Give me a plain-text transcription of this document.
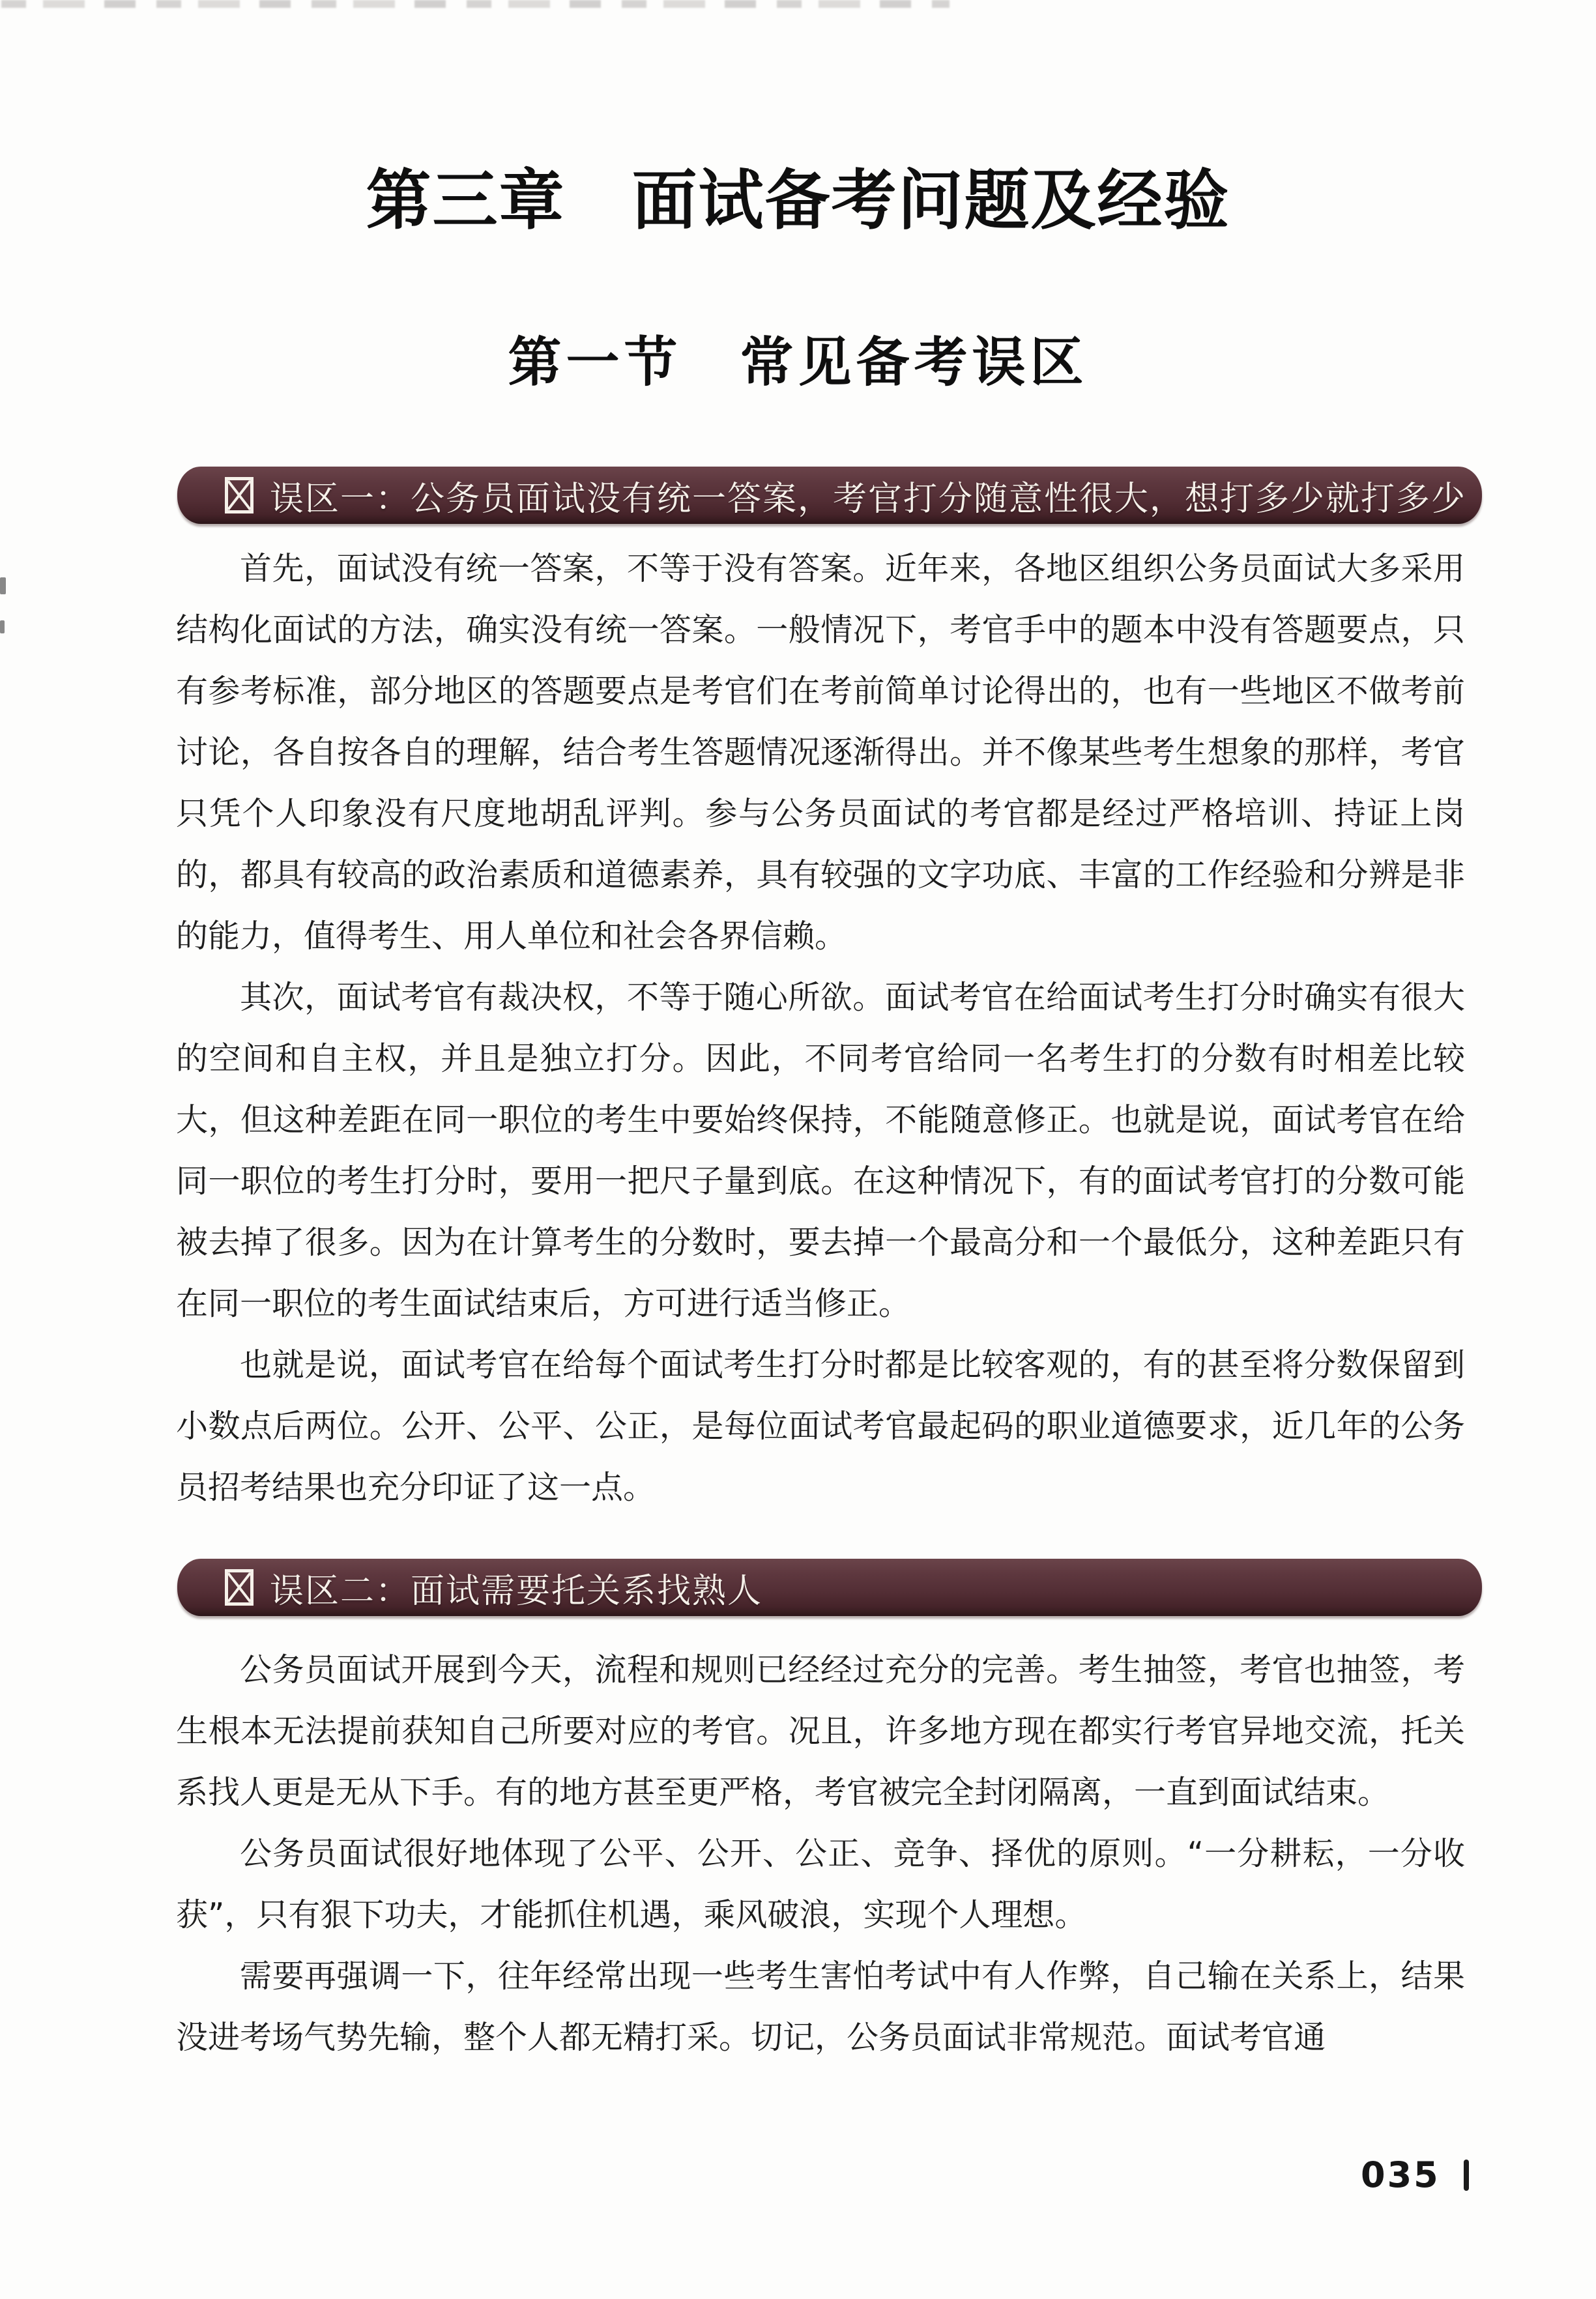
第三章　面试备考问题及经验
第一节　常见备考误区
误区一：公务员面试没有统一答案，考官打分随意性很大，想打多少就打多少

首先，面试没有统一答案，不等于没有答案。近年来，各地区组织公务员面试大多采用结构化面试的方法，确实没有统一答案。一般情况下，考官手中的题本中没有答题要点，只有参考标准，部分地区的答题要点是考官们在考前简单讨论得出的，也有一些地区不做考前讨论，各自按各自的理解，结合考生答题情况逐渐得出。并不像某些考生想象的那样，考官只凭个人印象没有尺度地胡乱评判。参与公务员面试的考官都是经过严格培训、持证上岗的，都具有较高的政治素质和道德素养，具有较强的文字功底、丰富的工作经验和分辨是非的能力，值得考生、用人单位和社会各界信赖。

其次，面试考官有裁决权，不等于随心所欲。面试考官在给面试考生打分时确实有很大的空间和自主权，并且是独立打分。因此，不同考官给同一名考生打的分数有时相差比较大，但这种差距在同一职位的考生中要始终保持，不能随意修正。也就是说，面试考官在给同一职位的考生打分时，要用一把尺子量到底。在这种情况下，有的面试考官打的分数可能被去掉了很多。因为在计算考生的分数时，要去掉一个最高分和一个最低分，这种差距只有在同一职位的考生面试结束后，方可进行适当修正。

也就是说，面试考官在给每个面试考生打分时都是比较客观的，有的甚至将分数保留到小数点后两位。公开、公平、公正，是每位面试考官最起码的职业道德要求，近几年的公务员招考结果也充分印证了这一点。

误区二：面试需要托关系找熟人

公务员面试开展到今天，流程和规则已经经过充分的完善。考生抽签，考官也抽签，考生根本无法提前获知自己所要对应的考官。况且，许多地方现在都实行考官异地交流，托关系找人更是无从下手。有的地方甚至更严格，考官被完全封闭隔离，一直到面试结束。

公务员面试很好地体现了公平、公开、公正、竞争、择优的原则。“一分耕耘，一分收获”，只有狠下功夫，才能抓住机遇，乘风破浪，实现个人理想。

需要再强调一下，往年经常出现一些考生害怕考试中有人作弊，自己输在关系上，结果没进考场气势先输，整个人都无精打采。切记，公务员面试非常规范。面试考官通

035
